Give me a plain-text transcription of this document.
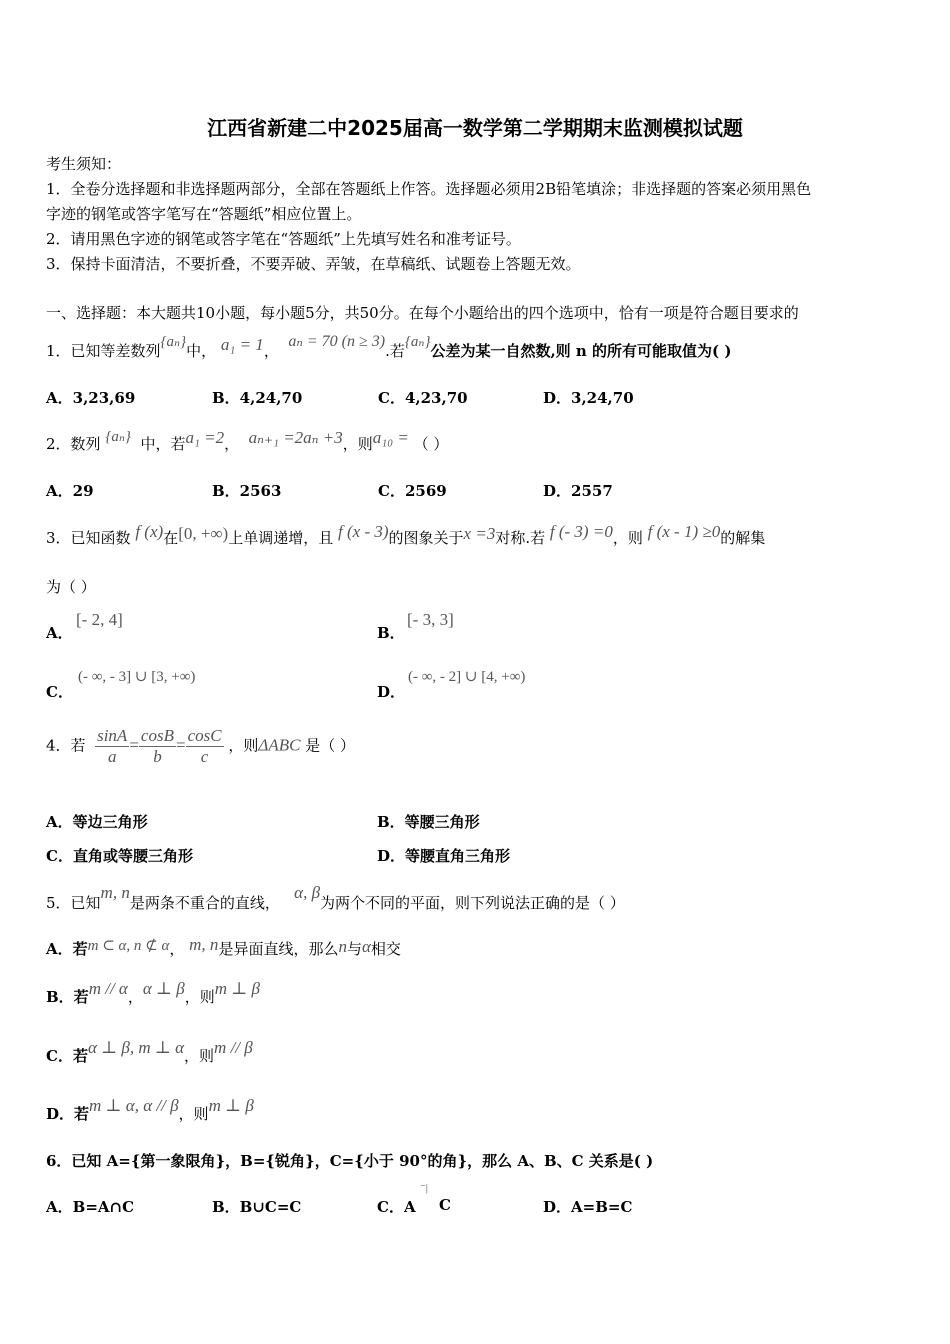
江西省新建二中2025届高一数学第二学期期末监测模拟试题
考生须知：
1．全卷分选择题和非选择题两部分，全部在答题纸上作答。选择题必须用2B铅笔填涂；非选择题的答案必须用黑色
字迹的钢笔或答字笔写在“答题纸”相应位置上。
2．请用黑色字迹的钢笔或答字笔在“答题纸”上先填写姓名和准考证号。
3．保持卡面清洁，不要折叠，不要弄破、弄皱，在草稿纸、试题卷上答题无效。
一、选择题：本大题共10小题，每小题5分，共50分。在每个小题给出的四个选项中，恰有一项是符合题目要求的
1．已知等差数列{aₙ}中， a₁ = 1，  aₙ = 70 (n ≥ 3).若{aₙ}公差为某一自然数,则 n 的所有可能取值为( )
A．3,23,69	B．4,24,70	C．4,23,70	D．3,24,70
2．数列 {aₙ} 中，若a₁ =2， aₙ₊₁ =2aₙ +3，则a₁₀ = （ ）
A．29	B．2563	C．2569	D．2557
3．已知函数 f (x)在[0, +∞)上单调递增，且 f (x - 3)的图象关于x =3对称.若 f (- 3) =0，则 f (x - 1) ≥0的解集
为（ ）
A．
[- 2, 4]
B．
[- 3, 3]
C．
(- ∞, - 3] ∪ [3, +∞)
D．
(- ∞, - 2] ∪ [4, +∞)
4．若 $\frac{\sin A}{a} = \frac{\cos B}{b} = \frac{\cos C}{c}$ ，则ΔABC 是（ ）
A．等边三角形	B．等腰三角形
C．直角或等腰三角形	D．等腰直角三角形
5．已知m, n是两条不重合的直线，   α, β为两个不同的平面，则下列说法正确的是（ ）
A．若m ⊂ α, n ⊄ α， m, n是异面直线，那么n与α相交
B．若m // α，α ⊥ β，则m ⊥ β
C．若α ⊥ β, m ⊥ α，则m // β
D．若m ⊥ α, α // β，则m ⊥ β
6．已知 A={第一象限角}，B={锐角}，C={小于 90°的角}，那么 A、B、C 关系是( )
A．B=A∩C	B．B∪C=C	C．A
⁻|
C	D．A=B=C
